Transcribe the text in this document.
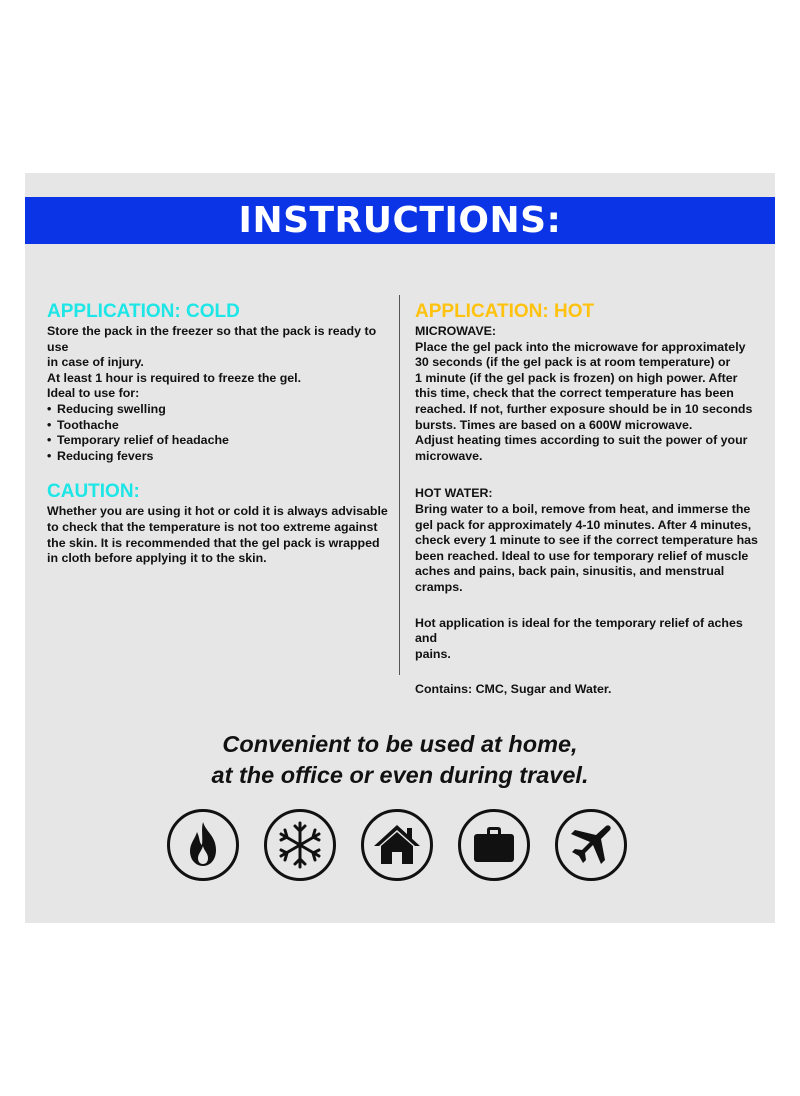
INSTRUCTIONS:
APPLICATION: COLD

Store the pack in the freezer so that the pack is ready to use

in case of injury.

At least 1 hour is required to freeze the gel.

Ideal to use for:

• Reducing swelling
• Toothache
• Temporary relief of headache
• Reducing fevers
CAUTION:

Whether you are using it hot or cold it is always advisable

to check that the temperature is not too extreme against

the skin. It is recommended that the gel pack is wrapped

in cloth before applying it to the skin.

APPLICATION: HOT

MICROWAVE:

Place the gel pack into the microwave for approximately

30 seconds (if the gel pack is at room temperature) or

1 minute (if the gel pack is frozen) on high power. After

this time, check that the correct temperature has been

reached. If not, further exposure should be in 10 seconds

bursts. Times are based on a 600W microwave.

Adjust heating times according to suit the power of your

microwave.

HOT WATER:

Bring water to a boil, remove from heat, and immerse the

gel pack for approximately 4-10 minutes. After 4 minutes,

check every 1 minute to see if the correct temperature has

been reached. Ideal to use for temporary relief of muscle

aches and pains, back pain, sinusitis, and menstrual cramps.

Hot application is ideal for the temporary relief of aches and

pains.

Contains: CMC, Sugar and Water.

Convenient to be used at home,
at the office or even during travel.
